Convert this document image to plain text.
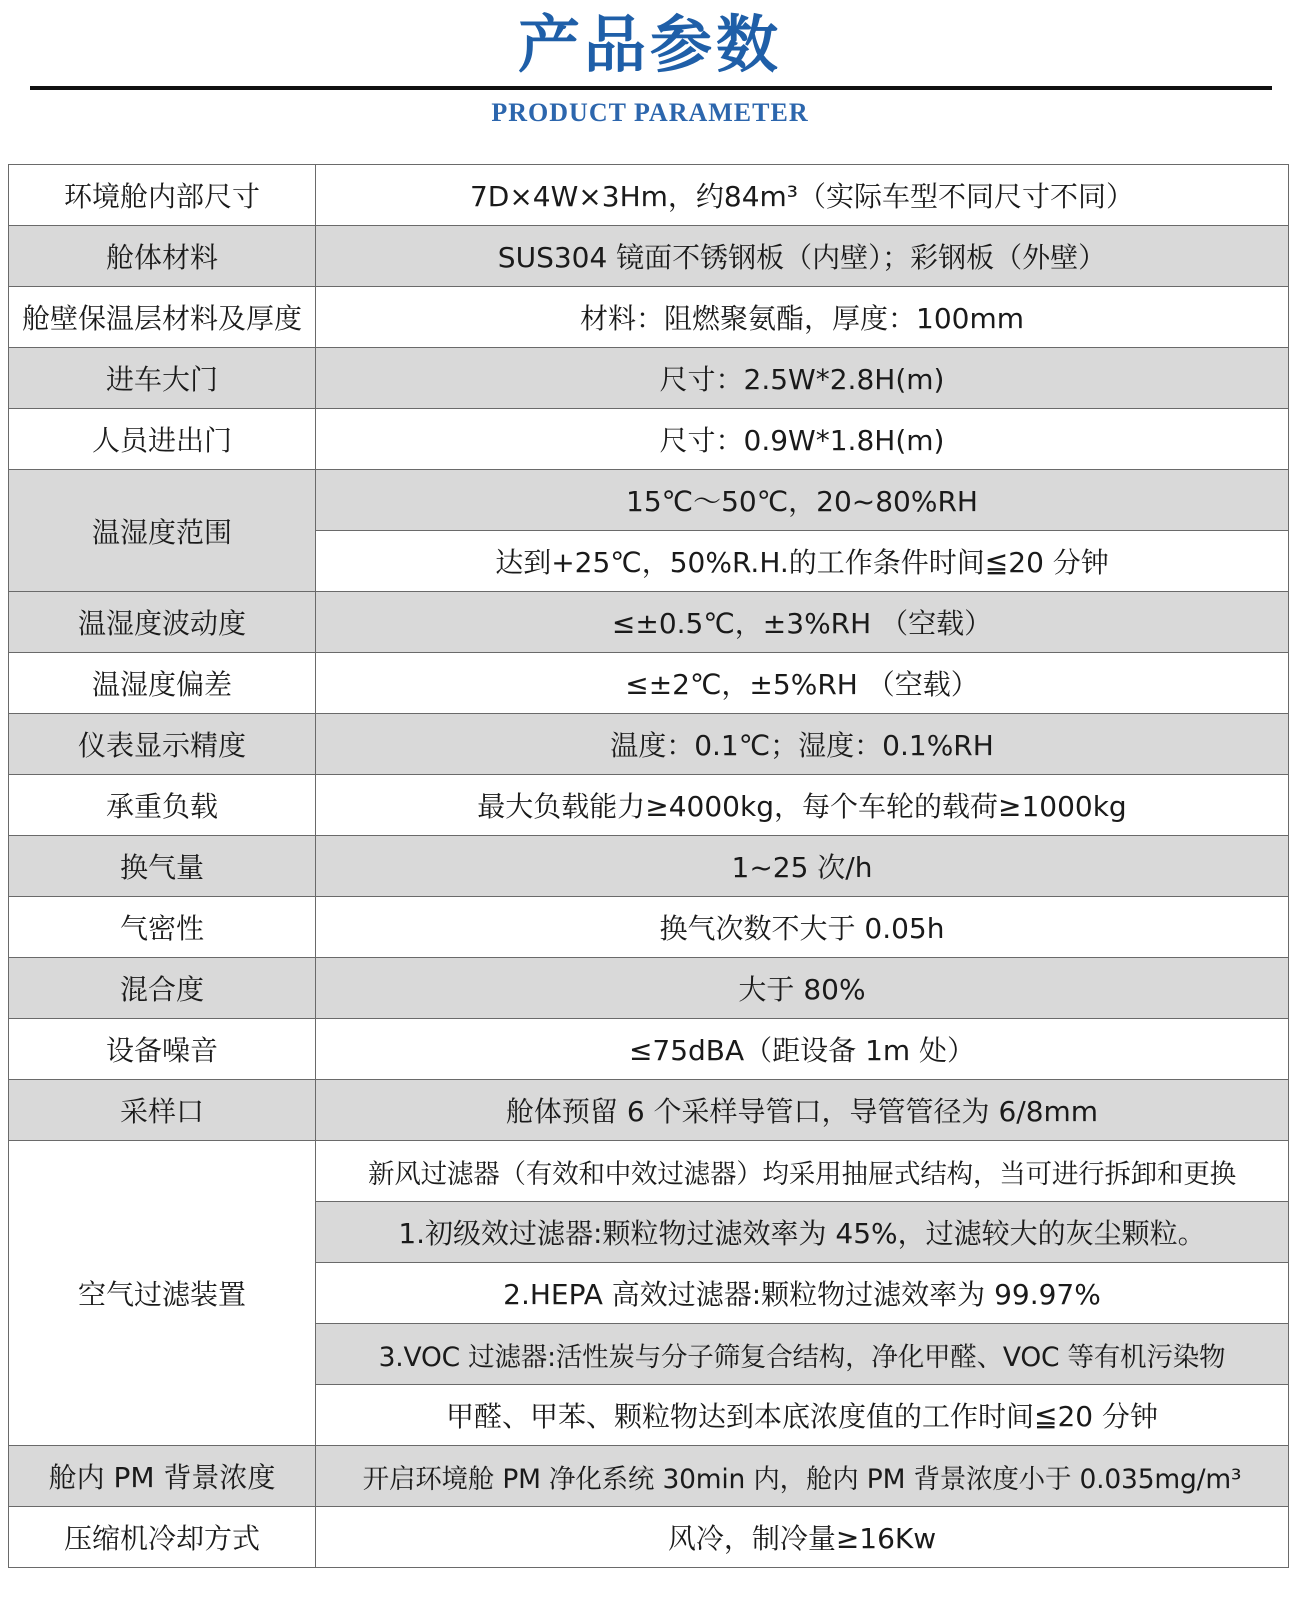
产品参数
PRODUCT PARAMETER
环境舱内部尺寸	7D×4W×3Hm，约84m³（实际车型不同尺寸不同）
舱体材料	SUS304 镜面不锈钢板（内壁）；彩钢板（外壁）
舱壁保温层材料及厚度	材料：阻燃聚氨酯，厚度：100mm
进车大门	尺寸：2.5W*2.8H(m)
人员进出门	尺寸：0.9W*1.8H(m)
温湿度范围	15℃～50℃，20~80%RH
	达到+25℃，50%R.H.的工作条件时间≦20 分钟
温湿度波动度	≤±0.5℃，±3%RH （空载）
温湿度偏差	≤±2℃，±5%RH （空载）
仪表显示精度	温度：0.1℃；湿度：0.1%RH
承重负载	最大负载能力≥4000kg，每个车轮的载荷≥1000kg
换气量	1~25 次/h
气密性	换气次数不大于 0.05h
混合度	大于 80%
设备噪音	≤75dBA（距设备 1m 处）
采样口	舱体预留 6 个采样导管口，导管管径为 6/8mm
空气过滤装置	新风过滤器（有效和中效过滤器）均采用抽屉式结构，当可进行拆卸和更换
	1.初级效过滤器:颗粒物过滤效率为 45%，过滤较大的灰尘颗粒。
	2.HEPA 高效过滤器:颗粒物过滤效率为 99.97%
	3.VOC 过滤器:活性炭与分子筛复合结构，净化甲醛、VOC 等有机污染物
	甲醛、甲苯、颗粒物达到本底浓度值的工作时间≦20 分钟
舱内 PM 背景浓度	开启环境舱 PM 净化系统 30min 内，舱内 PM 背景浓度小于 0.035mg/m³
压缩机冷却方式	风冷，制冷量≥16Kw
